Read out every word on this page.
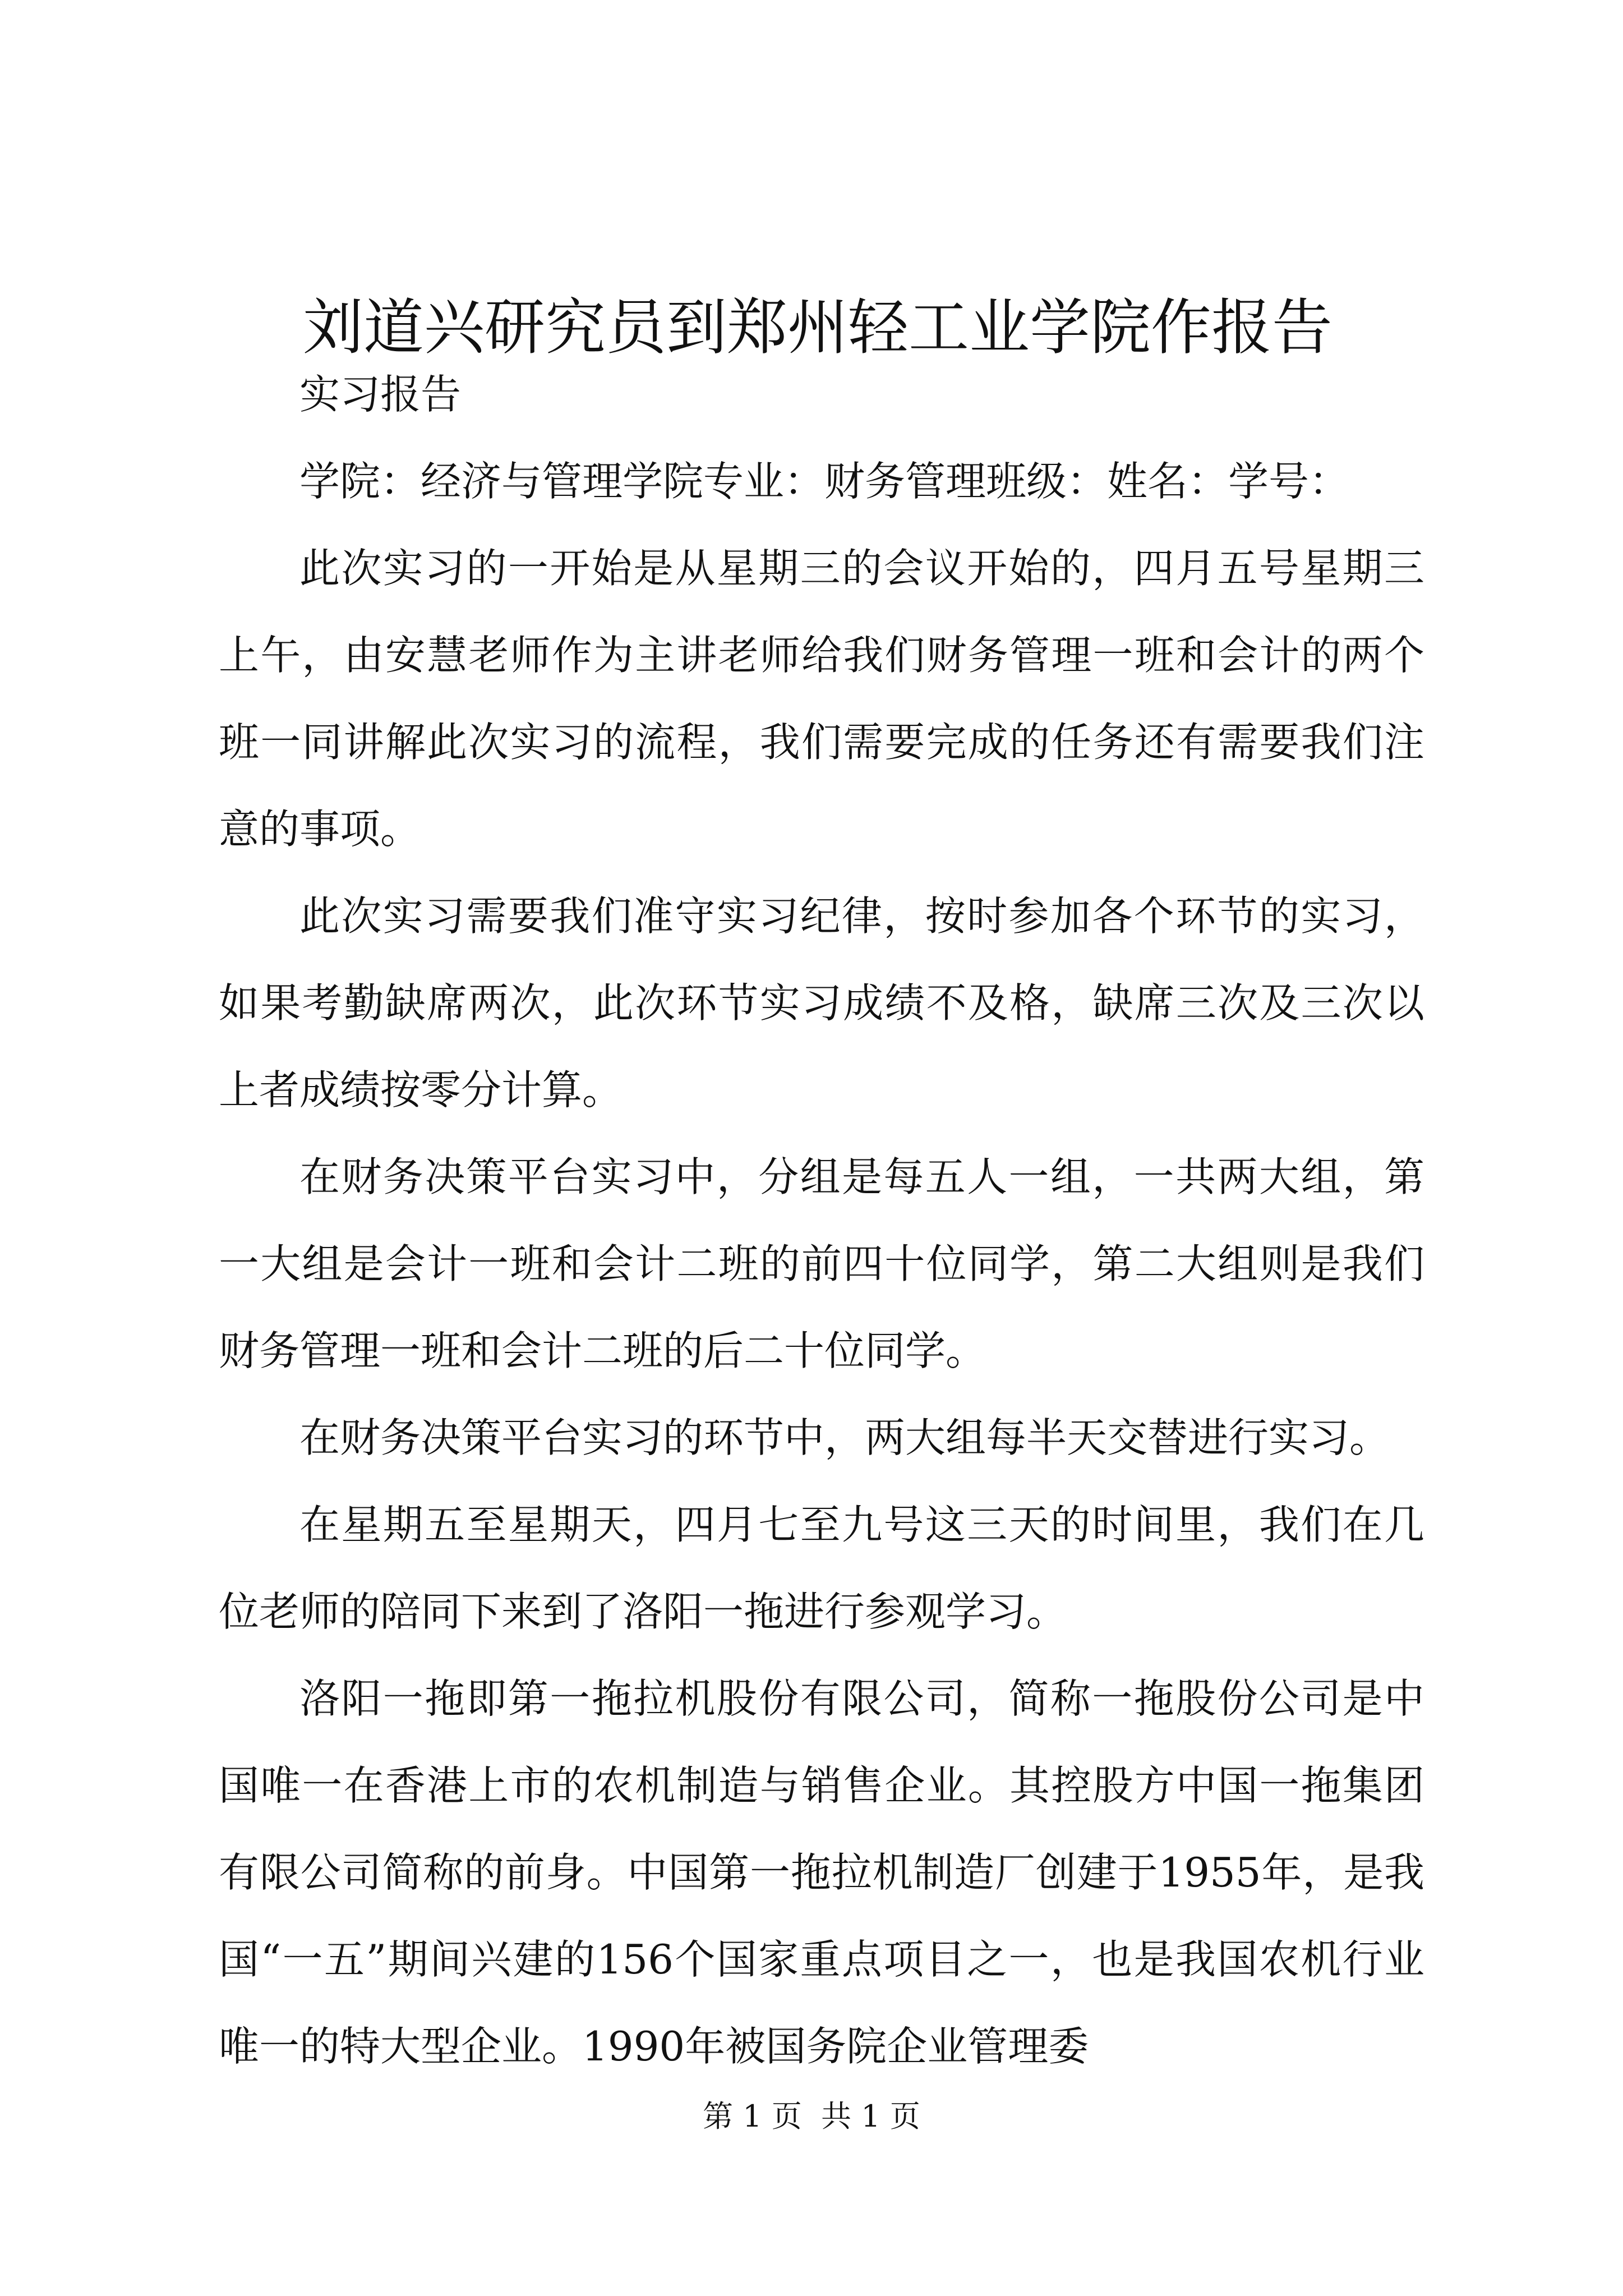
刘道兴研究员到郑州轻工业学院作报告

实习报告

学院：经济与管理学院专业：财务管理班级：姓名：学号：

此次实习的一开始是从星期三的会议开始的，四月五号星期三上午，由安慧老师作为主讲老师给我们财务管理一班和会计的两个班一同讲解此次实习的流程，我们需要完成的任务还有需要我们注意的事项。

此次实习需要我们准守实习纪律，按时参加各个环节的实习，如果考勤缺席两次，此次环节实习成绩不及格，缺席三次及三次以上者成绩按零分计算。

在财务决策平台实习中，分组是每五人一组，一共两大组，第一大组是会计一班和会计二班的前四十位同学，第二大组则是我们财务管理一班和会计二班的后二十位同学。

在财务决策平台实习的环节中，两大组每半天交替进行实习。

在星期五至星期天，四月七至九号这三天的时间里，我们在几位老师的陪同下来到了洛阳一拖进行参观学习。

洛阳一拖即第一拖拉机股份有限公司，简称一拖股份公司是中国唯一在香港上市的农机制造与销售企业。其控股方中国一拖集团有限公司简称的前身。中国第一拖拉机制造厂创建于1955年，是我国“一五”期间兴建的156个国家重点项目之一，也是我国农机行业唯一的特大型企业。1990年被国务院企业管理委

第 1 页  共 1 页
